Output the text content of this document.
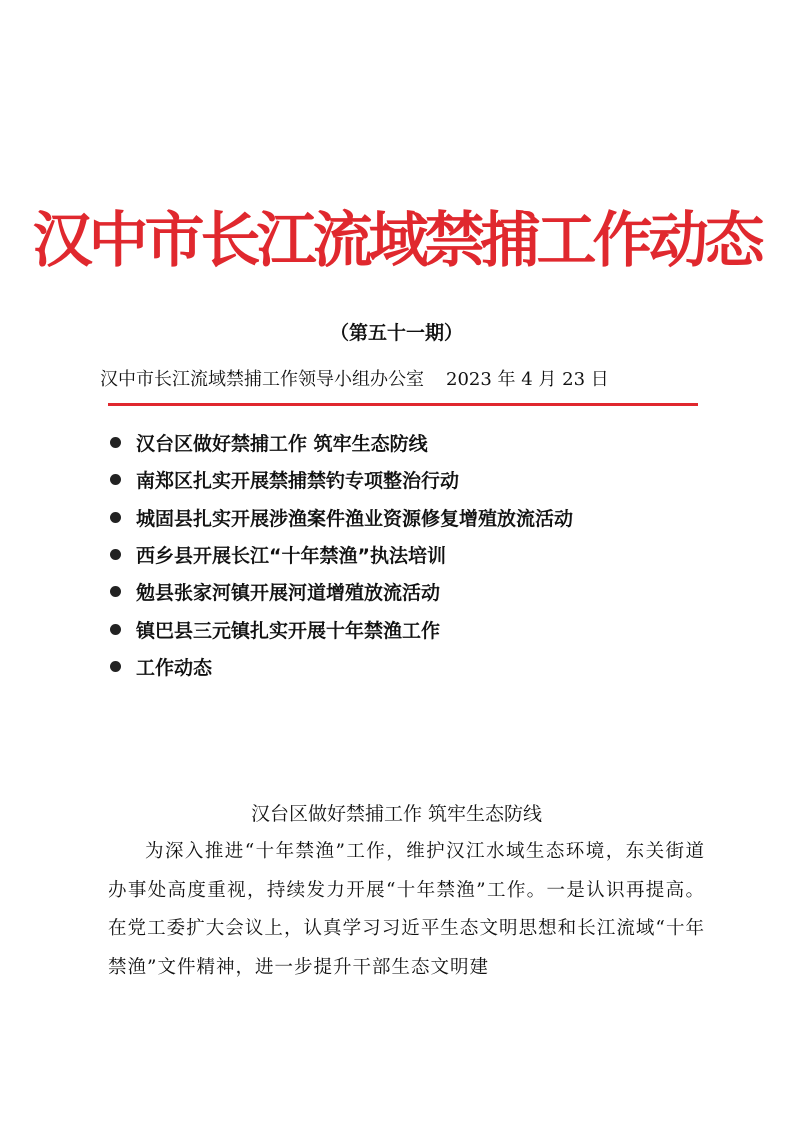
汉中市长江流域禁捕工作动态
（第五十一期）
汉中市长江流域禁捕工作领导小组办公室 2023 年 4 月 23 日
汉台区做好禁捕工作 筑牢生态防线
南郑区扎实开展禁捕禁钓专项整治行动
城固县扎实开展涉渔案件渔业资源修复增殖放流活动
西乡县开展长江“十年禁渔”执法培训
勉县张家河镇开展河道增殖放流活动
镇巴县三元镇扎实开展十年禁渔工作
工作动态
汉台区做好禁捕工作 筑牢生态防线

为深入推进“十年禁渔”工作，维护汉江水域生态环境，东关街道办事处高度重视，持续发力开展“十年禁渔”工作。一是认识再提高。在党工委扩大会议上，认真学习习近平生态文明思想和长江流域“十年禁渔”文件精神，进一步提升干部生态文明建
